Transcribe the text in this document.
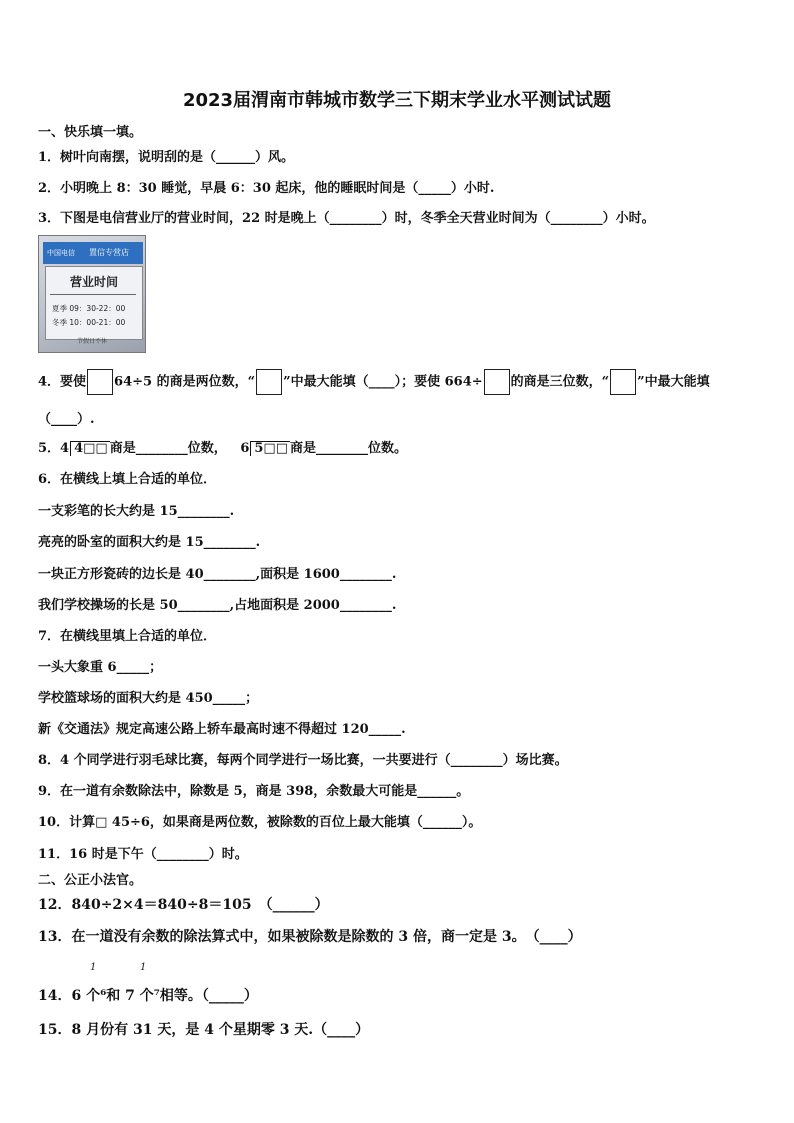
2023届渭南市韩城市数学三下期末学业水平测试试题
一、快乐填一填。
1．树叶向南摆，说明刮的是（______）风。
2．小明晚上 8：30 睡觉，早晨 6：30 起床，他的睡眠时间是（_____）小时.
3．下图是电信营业厅的营业时间，22 时是晚上（________）时，冬季全天营业时间为（________）小时。
中国电信 置信专营店
营业时间
夏季 09：30-22：00
冬季 10：00-21：00
节假日不休
4．要使 64÷5 的商是两位数，“ ”中最大能填（____）；要使 664÷ 的商是三位数，“ ”中最大能填
（____）.
5．4 4□□ 商是________位数， 6 5□□ 商是________位数。
6．在横线上填上合适的单位．
一支彩笔的长大约是 15________.
亮亮的卧室的面积大约是 15________.
一块正方形瓷砖的边长是 40________,面积是 1600________.
我们学校操场的长是 50________,占地面积是 2000________.
7．在横线里填上合适的单位．
一头大象重 6_____；
学校篮球场的面积大约是 450_____；
新《交通法》规定高速公路上轿车最高时速不得超过 120_____.
8．4 个同学进行羽毛球比赛，每两个同学进行一场比赛，一共要进行（________）场比赛。
9．在一道有余数除法中，除数是 5，商是 398，余数最大可能是______。
10．计算□ 45÷6，如果商是两位数，被除数的百位上最大能填（______）。
11．16 时是下午（________）时。
二、公正小法官。
12．840÷2×4＝840÷8＝105　（______）
13．在一道没有余数的除法算式中，如果被除数是除数的 3 倍，商一定是 3。　（____）
1	1
14．6 个⁶和 7 个⁷相等。（_____）
15．8 月份有 31 天，是 4 个星期零 3 天.（____）
